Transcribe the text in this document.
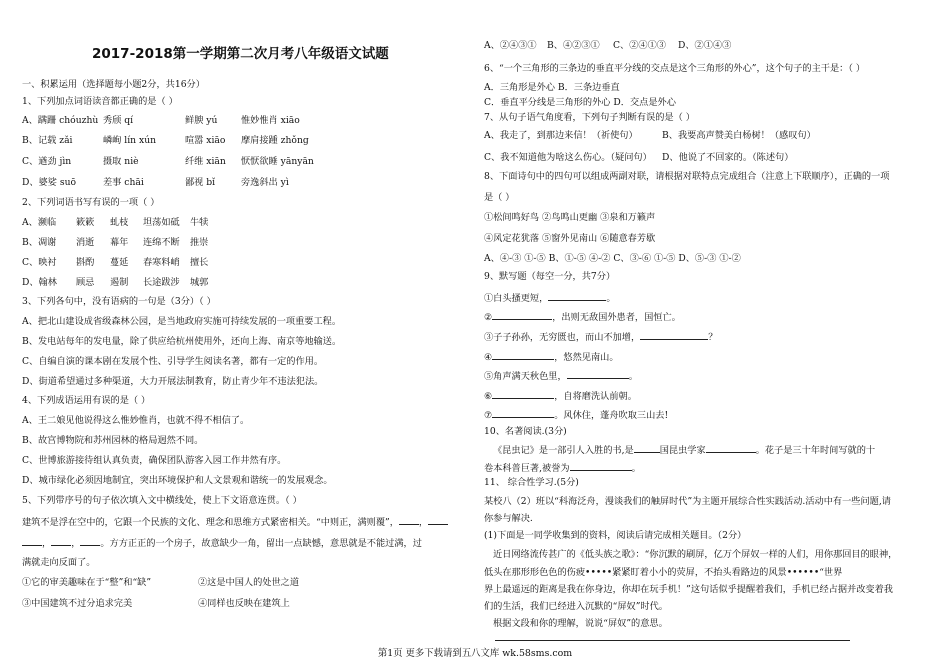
2017-2018第一学期第二次月考八年级语文试题
一、积累运用（选择题每小题2分，共16分）
1、下列加点词语读音都正确的是（ ）
A、蹒跚 chóuzhù 秀颀 qí	鲜腴 yú	惟妙惟肖 xiāo
B、记载 zǎi	嶙峋 lín xún	喧嚣 xiāo 摩肩接踵 zhǒng
C、遒劲 jìn	摄取 niè	纤维 xiān 恹恹欲睡 yānyān
D、婆娑 suō	差事 chāi	鄙视 bǐ	旁逸斜出 yì
2、下列词语书写有误的一项（ ）
A、濒临 簌簌 虬枝 坦荡如砥 牛犊
B、凋谢 消逝 幕年 连绵不断 推崇
C、映衬 斟酌 蔓延 春寒料峭 擅长
D、翰林 顾忌 遏制 长途跋涉 城郭
3、下列各句中，没有语病的一句是（3分）（ ）
A、把北山建设成省级森林公园，是当地政府实施可持续发展的一项重要工程。
B、发电站每年的发电量，除了供应给杭州使用外，还向上海、南京等地输送。
C、自编自演的课本剧在发展个性、引导学生阅读名著，都有一定的作用。
D、街道希望通过多种渠道，大力开展法制教育，防止青少年不违法犯法。
4、下列成语运用有误的是（ ）
A、王二娘见他说得这么惟妙惟肖，也就不得不相信了。
B、故宫博物院和苏州园林的格局迥然不同。
C、世博旅游接待组认真负责，确保团队游客入园工作井然有序。
D、城市绿化必须因地制宜，突出环境保护和人文景观和谐统一的发展观念。
5、下列带序号的句子依次填入文中横线处，使上下文语意连贯。（ ）
建筑不是浮在空中的，它跟一个民族的文化、理念和思维方式紧密相关。“中则正，满则覆”， ，
， ， 。方方正正的一个房子，故意缺少一角，留出一点缺憾，意思就是不能过满，过
满就走向反面了。
①它的审美趣味在于“整”和“缺”	②这是中国人的处世之道
③中国建筑不过分追求完美	④同样也反映在建筑上
A、②④③① B、④②③① C、②④①③ D、②①④③
6、“一个三角形的三条边的垂直平分线的交点是这个三角形的外心”，这个句子的主干是：（ ）
A．三角形是外心 B．三条边垂直
C．垂直平分线是三角形的外心 D．交点是外心
7、从句子语气角度看，下列句子判断有误的是（ ）
A、我走了，到那边来信！（祈使句）	B、我要高声赞美白杨树！（感叹句）
C、我不知道他为啥这么伤心。（疑问句） D、他说了不回家的。（陈述句）
8、下面诗句中的四句可以组成两副对联，请根据对联特点完成组合（注意上下联顺序），正确的一项
是（ ）
①松间鸣好鸟 ②鸟鸣山更幽 ③泉和万籁声
④风定花犹落 ⑤窗外见南山 ⑥随意春芳歇
A、④-③ ①-⑤ B、①-⑤ ④-② C、③-⑥ ①-⑤ D、⑤-③ ①-②
9、默写题（每空一分，共7分）
①白头搔更短，	。
②	，出则无敌国外患者，国恒亡。
③子子孙孙，无穷匮也，而山不加增，	？
④	，悠然见南山。
⑤角声满天秋色里，	。
⑥	，自将磨洗认前朝。
⑦	。风休住，蓬舟吹取三山去!
10、名著阅读.(3分)
《昆虫记》是一部引人入胜的书,是	国昆虫学家	。花子是三十年时间写就的十
卷本科普巨著,被誉为	。
11、 综合性学习.(5分)
某校八（2）班以“科海泛舟，漫谈我们的触屏时代”为主题开展综合性实践活动.活动中有一些问题,请
你参与解决.
(1)下面是一同学收集到的资料，阅读后请完成相关题目。（2分）
近日网络流传甚广的《低头族之歌》：“你沉默的刷屏，亿万个屏奴一样的人们，用你那回目的眼神，
低头在那形形色色的伤疲•••••紧紧盯着小小的荧屏，不抬头看路边的风景••••••“世界
界上最遥远的距离是我在你身边，你却在玩手机！”这句话似乎提醒着我们，手机已经占据并改变着我
们的生活，我们已经进入沉默的“屏奴”时代。
根据文段和你的理解，说说“屏奴”的意思。
第1页 更多下载请到五八文库 wk.58sms.com
